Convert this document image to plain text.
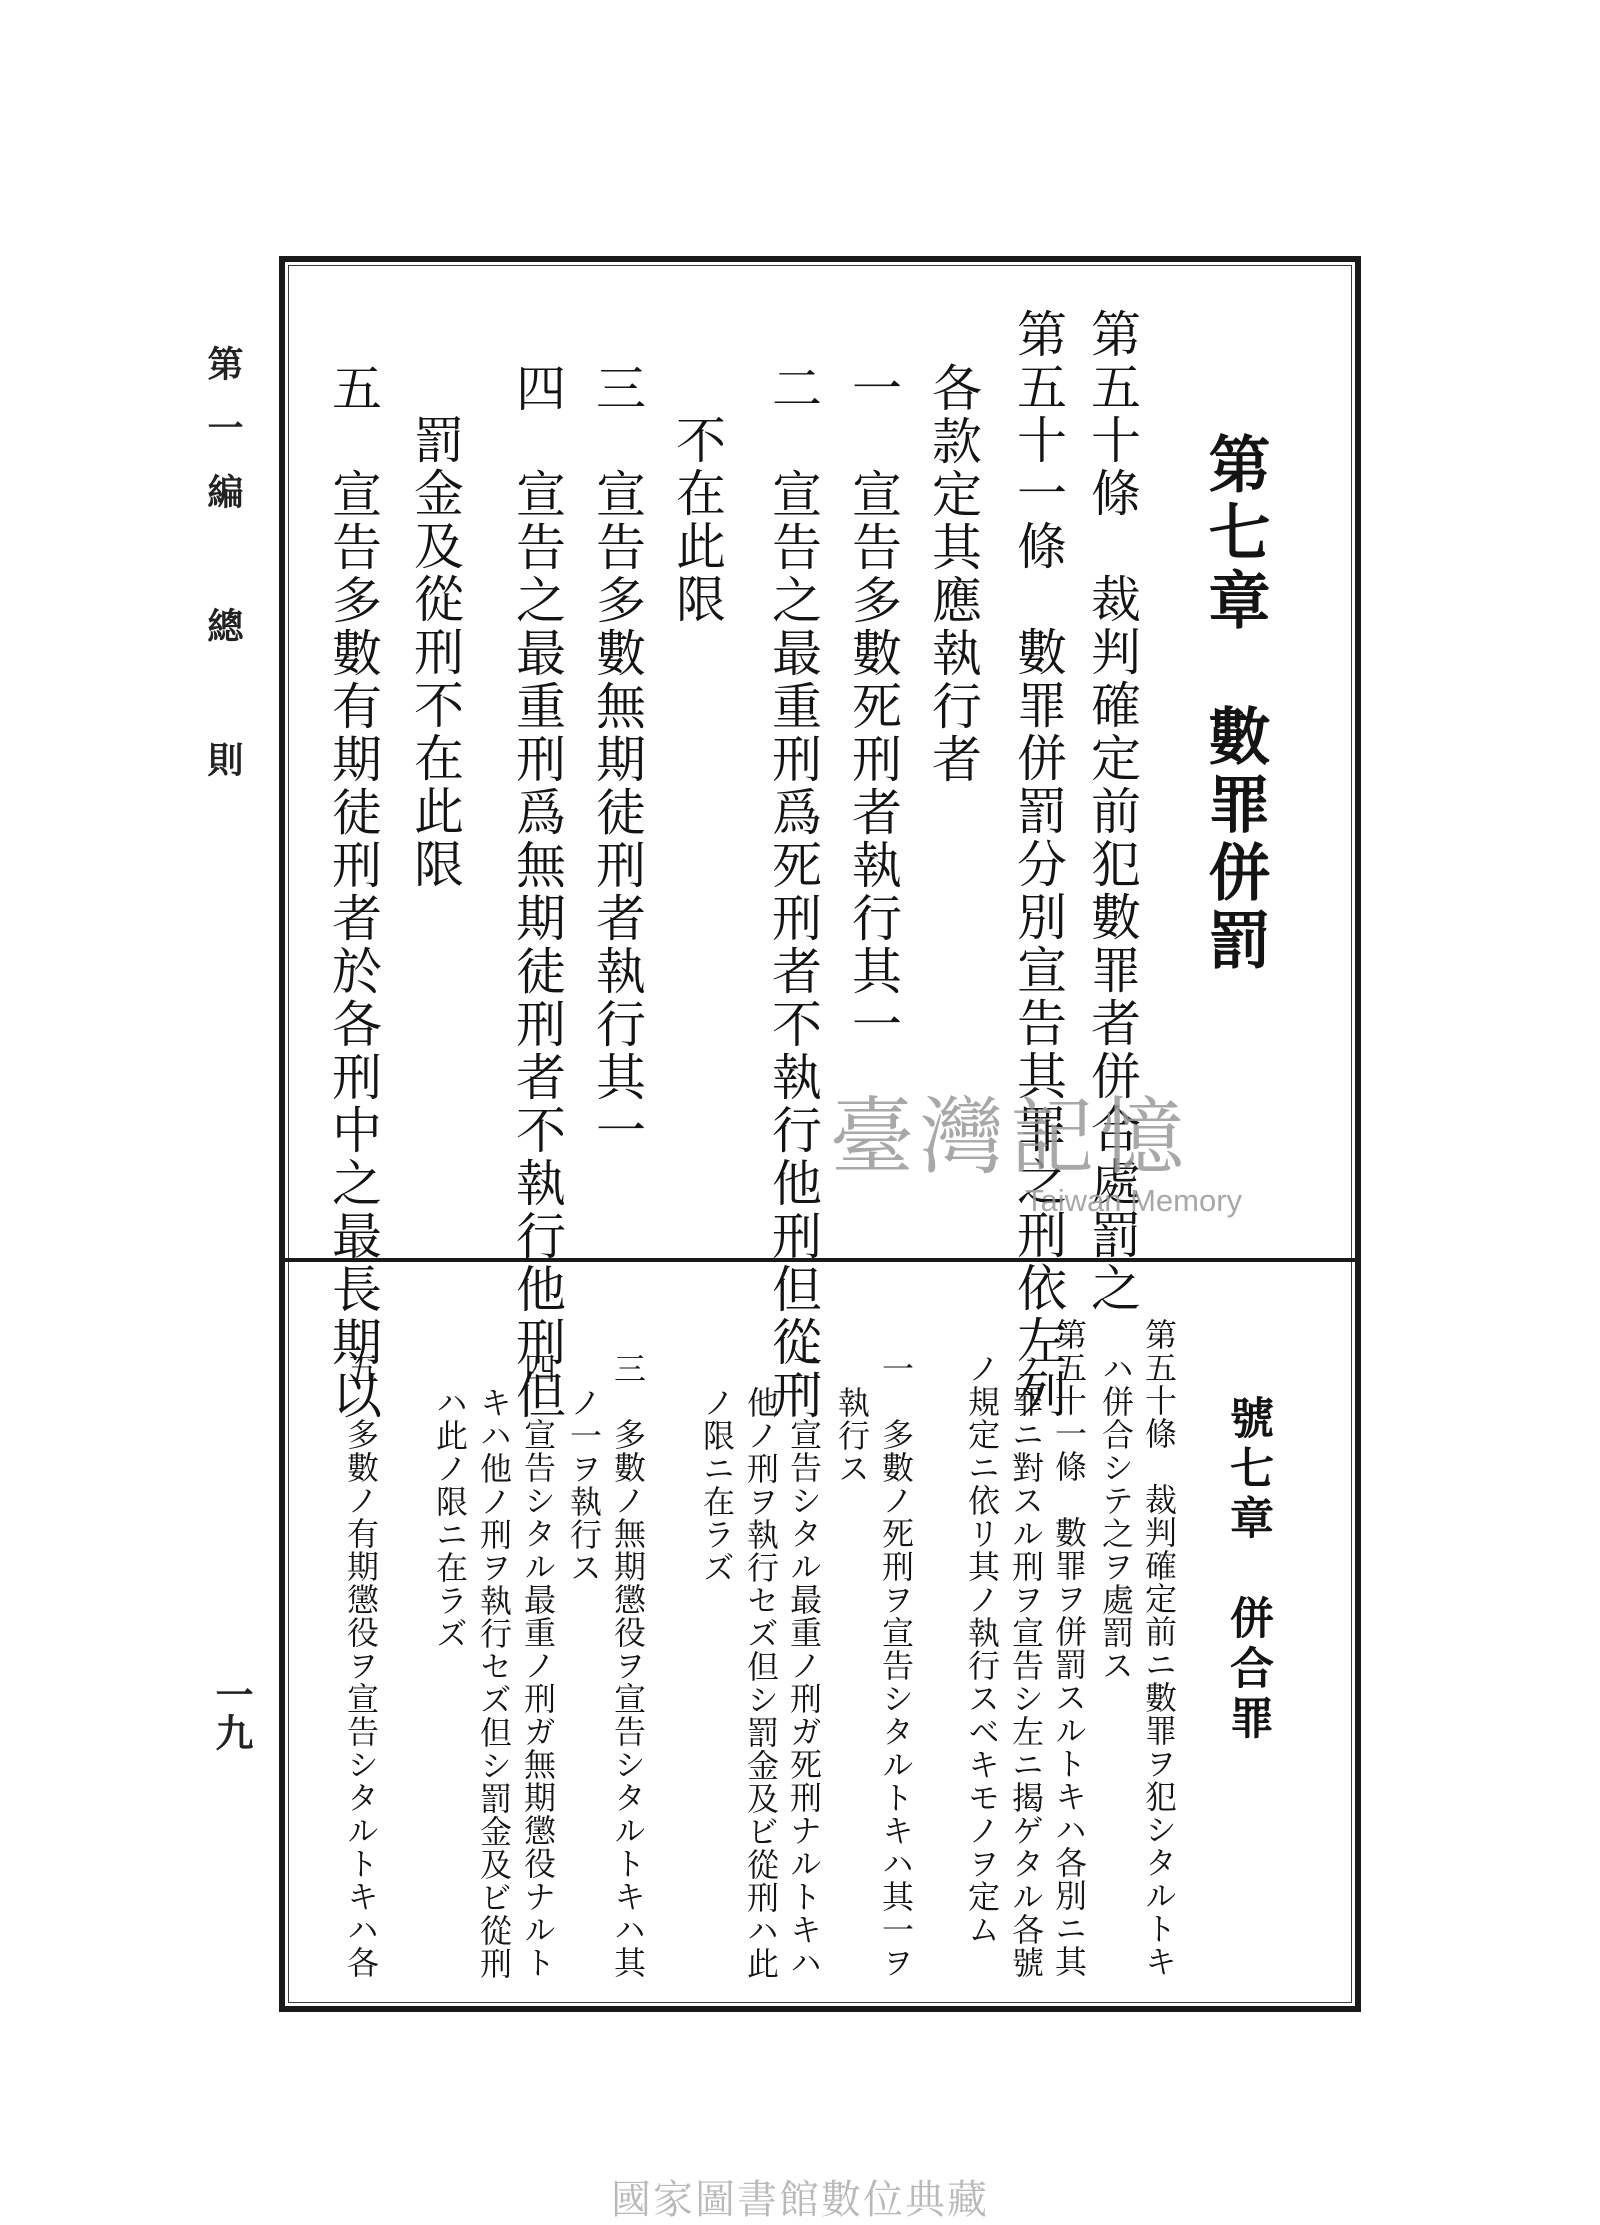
第一編 總 則
一九
第七章　數罪併罰
第五十條　裁判確定前犯數罪者併合處罰之
第五十一條　數罪併罰分別宣告其罪之刑依左列
各款定其應執行者
一　宣告多數死刑者執行其一
二　宣告之最重刑爲死刑者不執行他刑但從刑
不在此限
三　宣告多數無期徒刑者執行其一
四　宣告之最重刑爲無期徒刑者不執行他刑但
罰金及從刑不在此限
五　宣告多數有期徒刑者於各刑中之最長期以
號七章　併合罪
第五十條　裁判確定前ニ數罪ヲ犯シタルトキ
ハ併合シテ之ヲ處罰ス
第五十一條　數罪ヲ併罰スルトキハ各別ニ其
ノ罪ニ對スル刑ヲ宣告シ左ニ揭ゲタル各號
ノ規定ニ依リ其ノ執行スベキモノヲ定ム
一　多數ノ死刑ヲ宣告シタルトキハ其一ヲ
執行ス
二　宣告シタル最重ノ刑ガ死刑ナルトキハ
他ノ刑ヲ執行セズ但シ罰金及ビ從刑ハ此
ノ限ニ在ラズ
三　多數ノ無期懲役ヲ宣告シタルトキハ其
ノ一ヲ執行ス
四　宣告シタル最重ノ刑ガ無期懲役ナルト
キハ他ノ刑ヲ執行セズ但シ罰金及ビ從刑
ハ此ノ限ニ在ラズ
五　多數ノ有期懲役ヲ宣告シタルトキハ各
臺灣記憶
Taiwan Memory
國家圖書館數位典藏
